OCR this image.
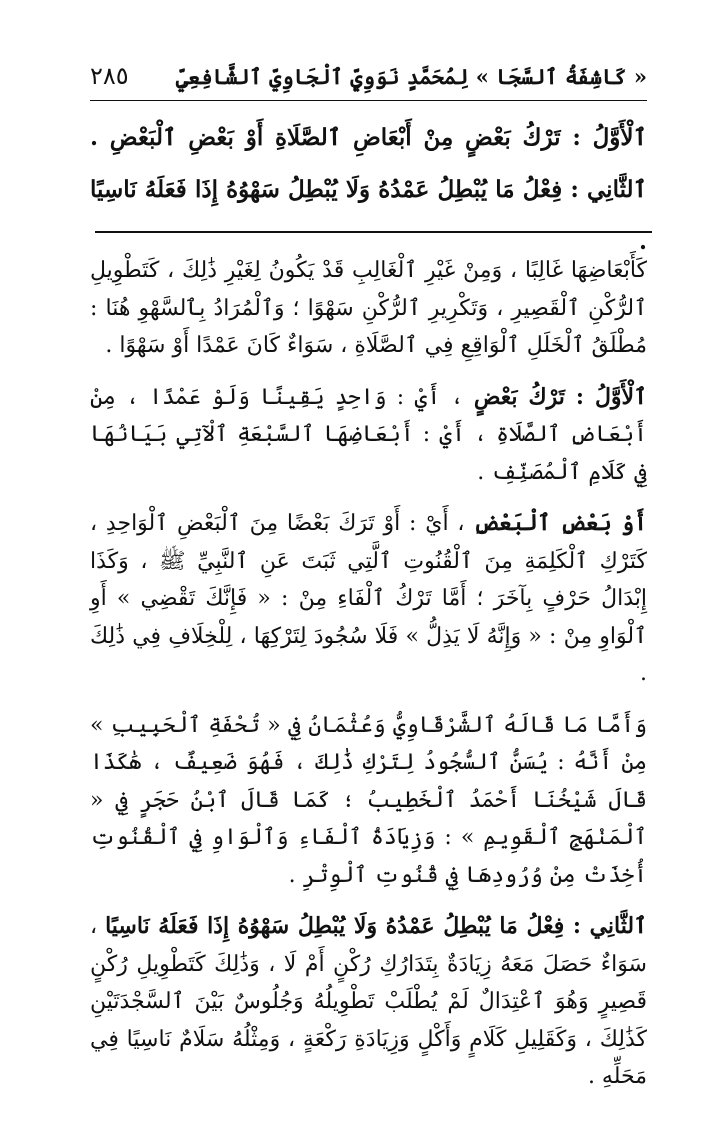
٢٨٥ « كَاشِفَةُ ٱلسَّجَا » لِمُحَمَّدٍ نَوَوِيٍّ ٱلْجَاوِيِّ ٱلشَّافِعِيِّ
ٱلْأَوَّلُ : تَرْكُ بَعْضٍ مِنْ أَبْعَاضِ ٱلصَّلَاةِ أَوْ بَعْضِ ٱلْبَعْضِ . ٱلثَّانِي : فِعْلُ مَا يُبْطِلُ عَمْدُهُ وَلَا يُبْطِلُ سَهْوُهُ إِذَا فَعَلَهُ نَاسِيًا .

كَأَبْعَاضِهَا غَالِبًا ، وَمِنْ غَيْرِ ٱلْغَالِبِ قَدْ يَكُونُ لِغَيْرِ ذَٰلِكَ ، كَتَطْوِيلِ ٱلرُّكْنِ ٱلْقَصِيرِ ، وَتَكْرِيرِ ٱلرُّكْنِ سَهْوًا ؛ وَٱلْمُرَادُ بِٱلسَّهْوِ هُنَا : مُطْلَقُ ٱلْخَلَلِ ٱلْوَاقِعِ فِي ٱلصَّلَاةِ ، سَوَاءٌ كَانَ عَمْدًا أَوْ سَهْوًا .

ٱلْأَوَّلُ : تَرْكُ بَعْضٍ ، أَيْ : وَاحِدٍ يَقِينًا وَلَوْ عَمْدًا ، مِنْ أَبْعَاضِ ٱلصَّلَاةِ ، أَيْ : أَبْعَاضِهَا ٱلسَّبْعَةِ ٱلْآتِي بَيَانُهَا فِي كَلَامِ ٱلْمُصَنِّفِ .

أَوْ بَعْضِ ٱلْبَعْضِ ، أَيْ : أَوْ تَرَكَ بَعْضًا مِنَ ٱلْبَعْضِ ٱلْوَاحِدِ ، كَتَرْكِ ٱلْكَلِمَةِ مِنَ ٱلْقُنُوتِ ٱلَّتِي ثَبَتَ عَنِ ٱلنَّبِيِّ ﷺ ، وَكَذَا إِبْدَالُ حَرْفٍ بِآخَرَ ؛ أَمَّا تَرْكُ ٱلْفَاءِ مِنْ : « فَإِنَّكَ تَقْضِي » أَوِ ٱلْوَاوِ مِنْ : « وَإِنَّهُ لَا يَذِلُّ » فَلَا سُجُودَ لِتَرْكِهَا ، لِلْخِلَافِ فِي ذَٰلِكَ .

وَأَمَّا مَا قَالَهُ ٱلشَّرْقَاوِيُّ وَعُثْمَانُ فِي « تُحْفَةِ ٱلْحَبِيبِ » مِنْ أَنَّهُ : يُسَنُّ ٱلسُّجُودُ لِتَرْكِ ذَٰلِكَ ، فَهُوَ ضَعِيفٌ ، هَٰكَذَا قَالَ شَيْخُنَا أَحْمَدُ ٱلْخَطِيبُ ؛ كَمَا قَالَ ٱبْنُ حَجَرٍ فِي « ٱلْمَنْهَجِ ٱلْقَوِيمِ » : وَزِيَادَةُ ٱلْفَاءِ وَٱلْوَاوِ فِي ٱلْقُنُوتِ أُخِذَتْ مِنْ وُرُودِهَا فِي قُنُوتِ ٱلْوِتْرِ .

ٱلثَّانِي : فِعْلُ مَا يُبْطِلُ عَمْدُهُ وَلَا يُبْطِلُ سَهْوُهُ إِذَا فَعَلَهُ نَاسِيًا ، سَوَاءٌ حَصَلَ مَعَهُ زِيَادَةٌ بِتَدَارُكِ رُكْنٍ أَمْ لَا ، وَذَٰلِكَ كَتَطْوِيلِ رُكْنٍ قَصِيرٍ وَهُوَ ٱعْتِدَالٌ لَمْ يُطْلَبْ تَطْوِيلُهُ وَجُلُوسٌ بَيْنَ ٱلسَّجْدَتَيْنِ كَذَٰلِكَ ، وَكَقَلِيلِ كَلَامٍ وَأَكْلٍ وَزِيَادَةِ رَكْعَةٍ ، وَمِثْلُهُ سَلَامٌ نَاسِيًا فِي مَحَلِّهِ .
